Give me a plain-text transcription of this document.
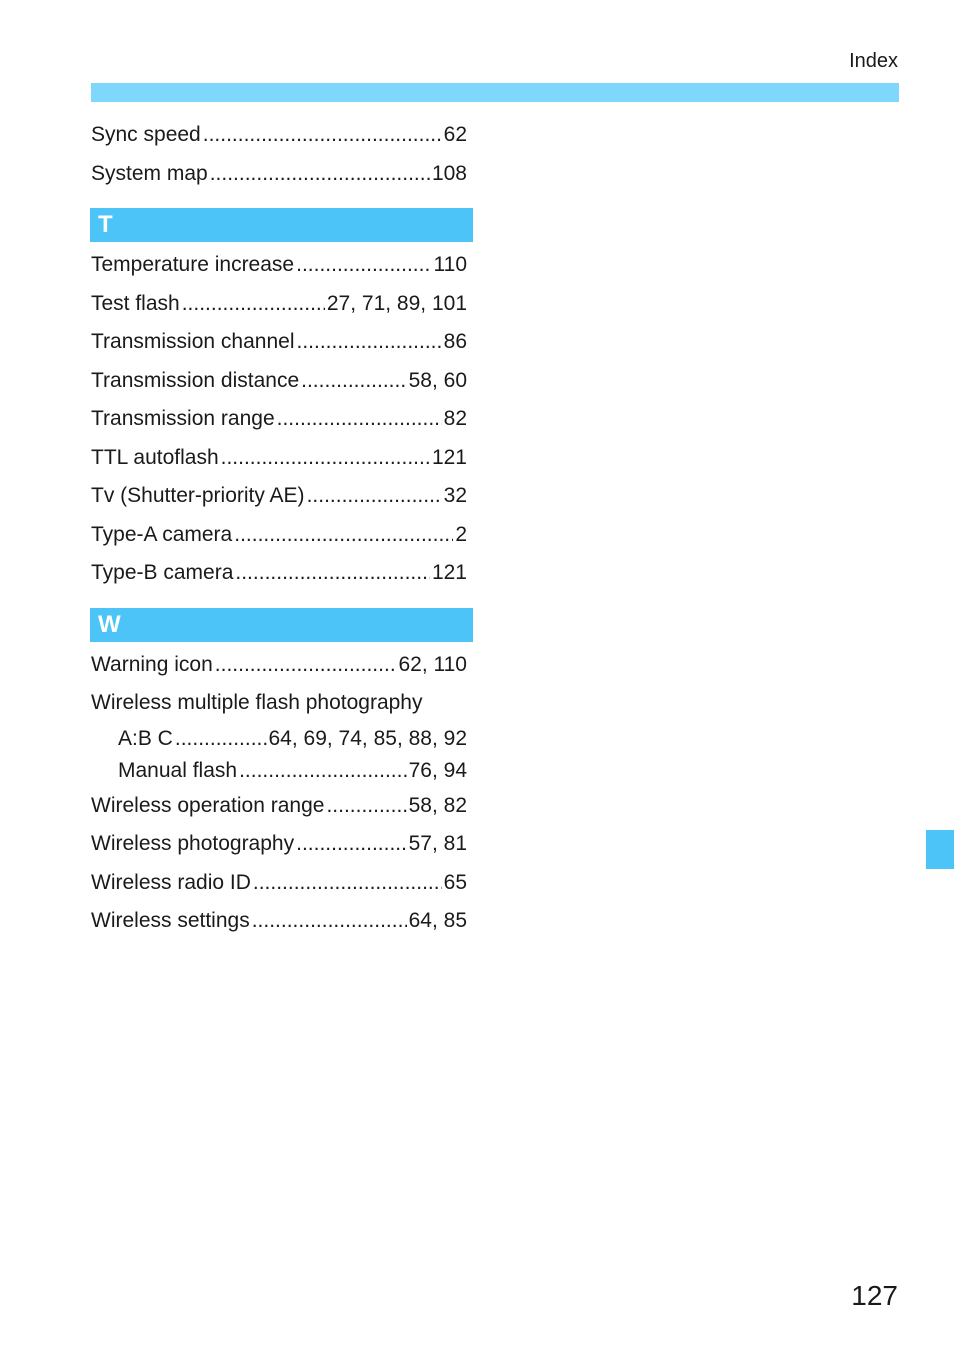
Index
Sync speed .....	62
System map .....	108
T
Temperature increase .....	110
Test flash .....	27, 71, 89, 101
Transmission channel .....	86
Transmission distance .....	58, 60
Transmission range .....	82
TTL autoflash .....	121
Tv (Shutter-priority AE) .....	32
Type-A camera .....	2
Type-B camera .....	121
W
Warning icon .....	62, 110
Wireless multiple flash photography
A:B C .....	64, 69, 74, 85, 88, 92
Manual flash .....	76, 94
Wireless operation range .....	58, 82
Wireless photography .....	57, 81
Wireless radio ID .....	65
Wireless settings .....	64, 85
127
